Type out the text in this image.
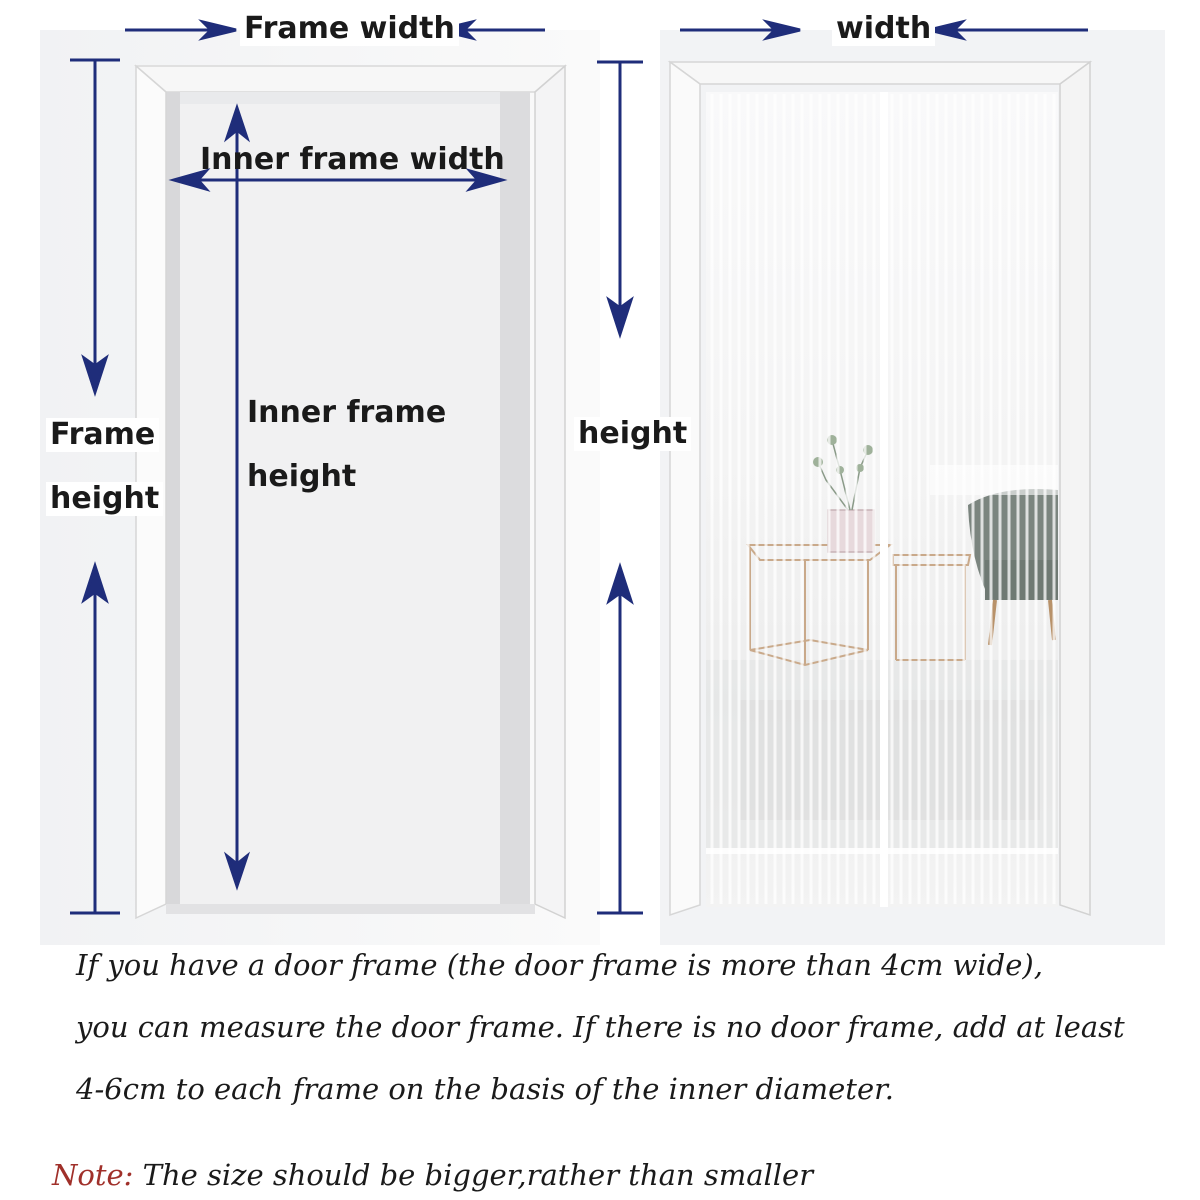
Frame width	width
Inner frame width
Inner frame
height
Frame
height
height
If you have a door frame (the door frame is more than 4cm wide),
you can measure the door frame. If there is no door frame, add at least
4-6cm to each frame on the basis of the inner diameter.
Note: The size should be bigger,rather than smaller
